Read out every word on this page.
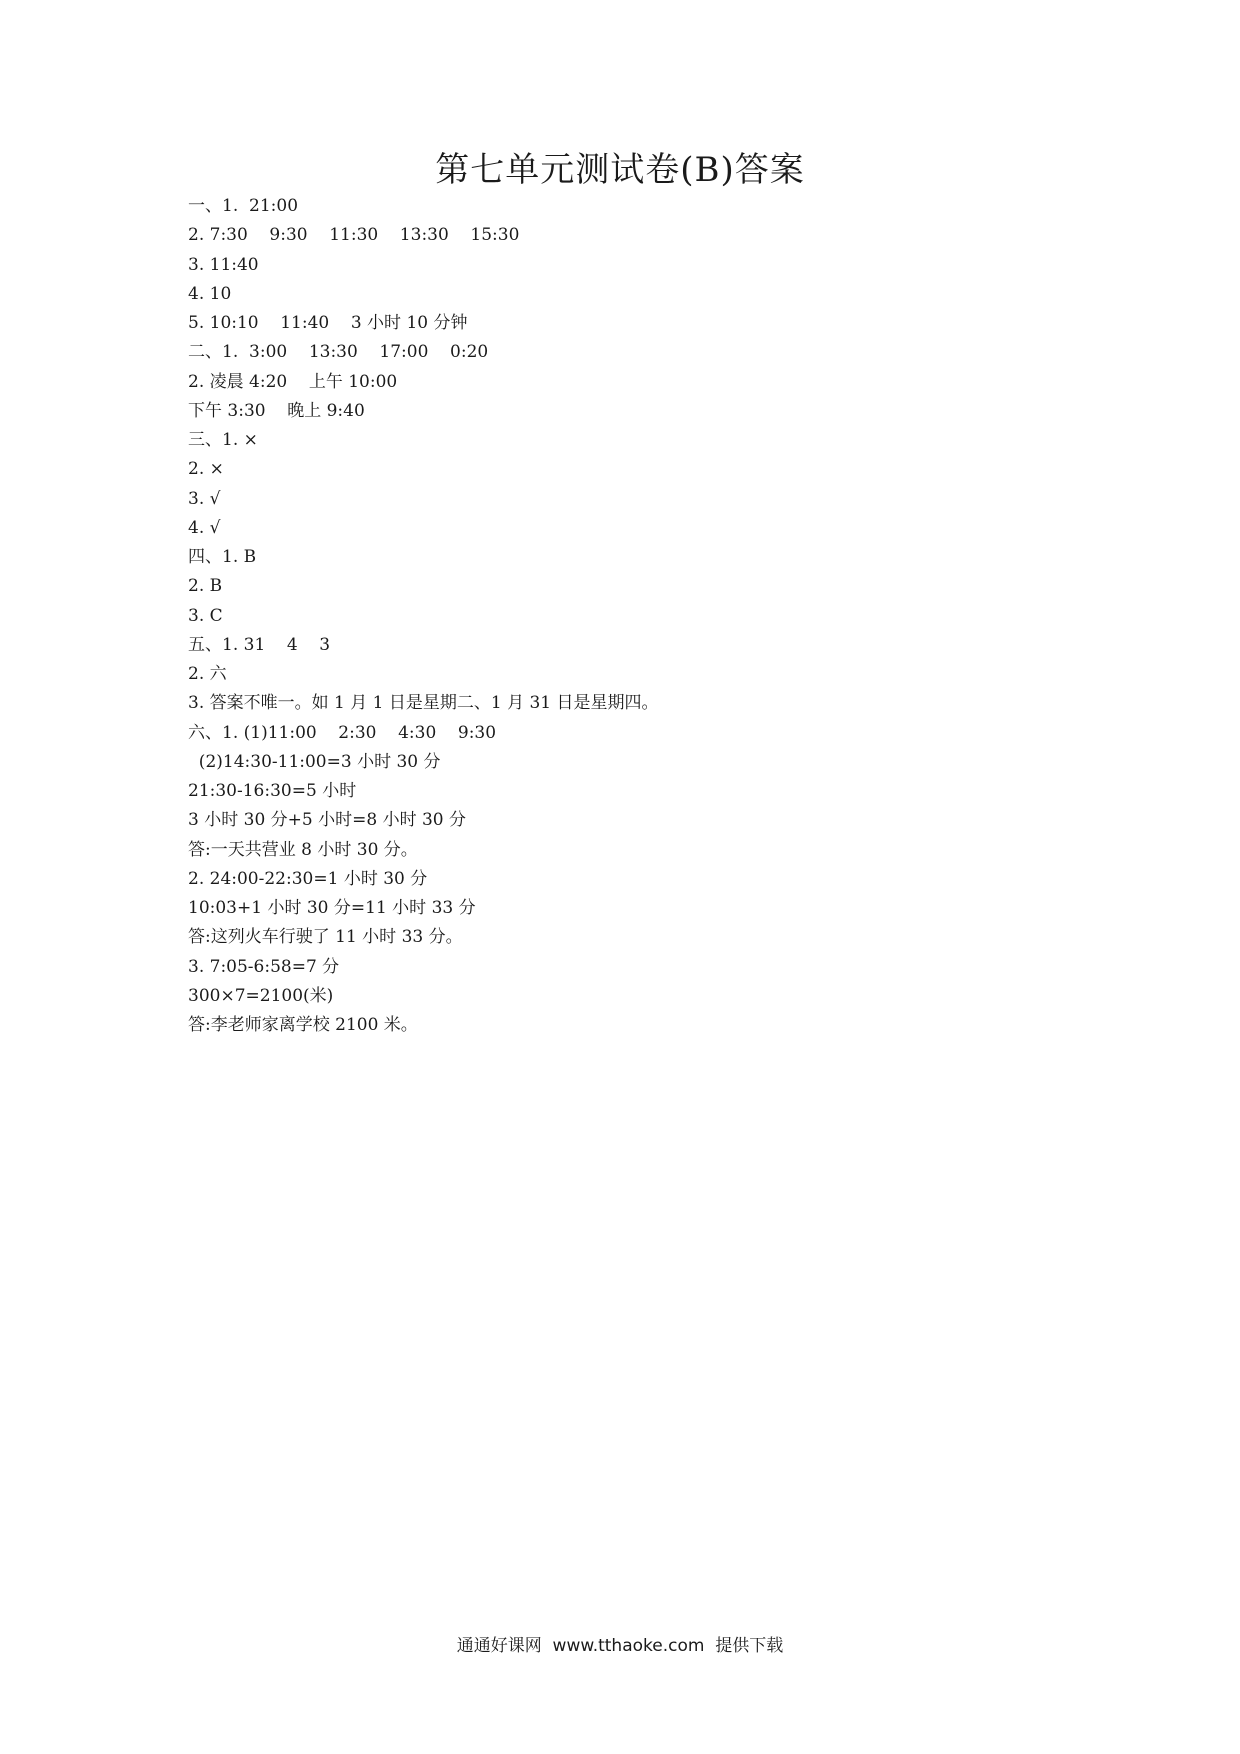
第七单元测试卷(B)答案
一、1.  21:00
2. 7:30    9:30    11:30    13:30    15:30
3. 11:40
4. 10
5. 10:10    11:40    3 小时 10 分钟
二、1.  3:00    13:30    17:00    0:20
2. 凌晨 4:20    上午 10:00
下午 3:30    晚上 9:40
三、1. ×
2. ×
3. √
4. √
四、1. B
2. B
3. C
五、1. 31    4    3
2. 六
3. 答案不唯一。如 1 月 1 日是星期二、1 月 31 日是星期四。
六、1. (1)11:00    2:30    4:30    9:30
(2)14:30-11:00=3 小时 30 分
21:30-16:30=5 小时
3 小时 30 分+5 小时=8 小时 30 分
答:一天共营业 8 小时 30 分。
2. 24:00-22:30=1 小时 30 分
10:03+1 小时 30 分=11 小时 33 分
答:这列火车行驶了 11 小时 33 分。
3. 7:05-6:58=7 分
300×7=2100(米)
答:李老师家离学校 2100 米。
通通好课网  www.tthaoke.com  提供下载
